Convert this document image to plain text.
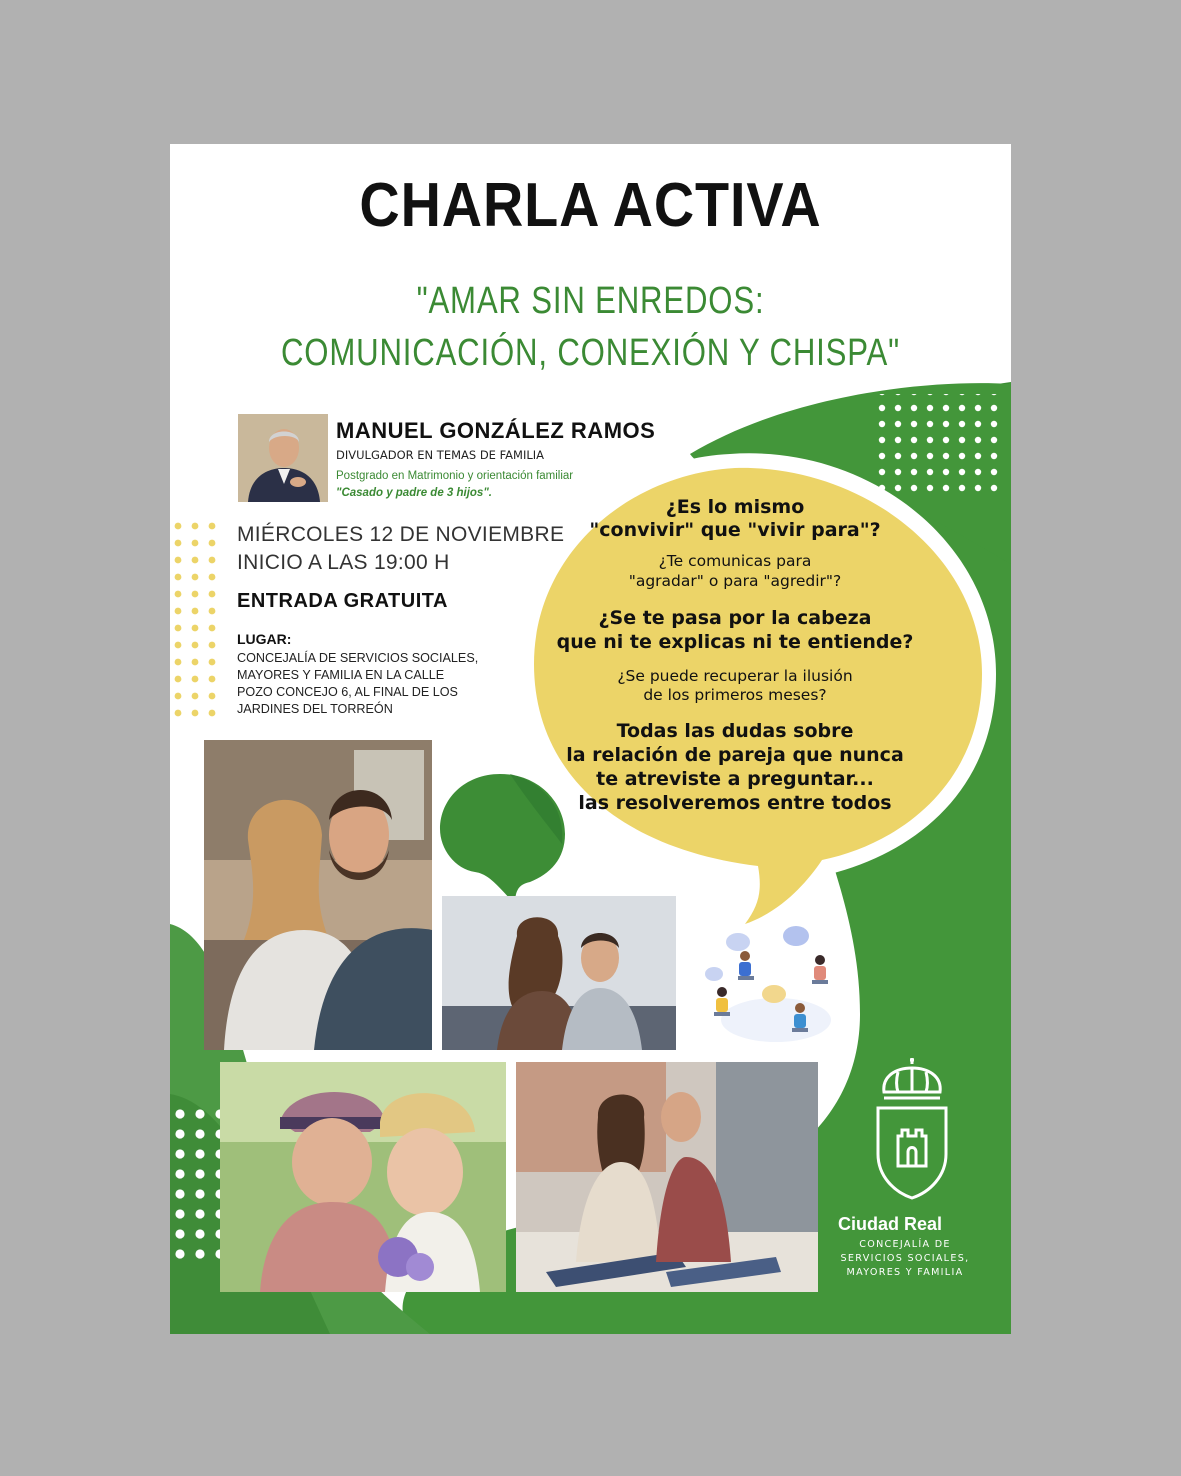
CHARLA ACTIVA
"AMAR SIN ENREDOS:
COMUNICACIÓN, CONEXIÓN Y CHISPA"
MANUEL GONZÁLEZ RAMOS
DIVULGADOR EN TEMAS DE FAMILIA
Postgrado en Matrimonio y orientación familiar
"Casado y padre de 3 hijos".
MIÉRCOLES 12 DE NOVIEMBRE
INICIO A LAS 19:00 H
ENTRADA GRATUITA
LUGAR:
CONCEJALÍA DE SERVICIOS SOCIALES,
MAYORES Y FAMILIA EN LA CALLE
POZO CONCEJO 6, AL FINAL DE LOS
JARDINES DEL TORREÓN
¿Es lo mismo
"convivir" que "vivir para"?
¿Te comunicas para
"agradar" o para "agredir"?
¿Se te pasa por la cabeza
que ni te explicas ni te entiende?
¿Se puede recuperar la ilusión
de los primeros meses?
Todas las dudas sobre
la relación de pareja que nunca
te atreviste a preguntar...
las resolveremos entre todos
Ciudad Real
CONCEJALÍA DE
SERVICIOS SOCIALES,
MAYORES Y FAMILIA
